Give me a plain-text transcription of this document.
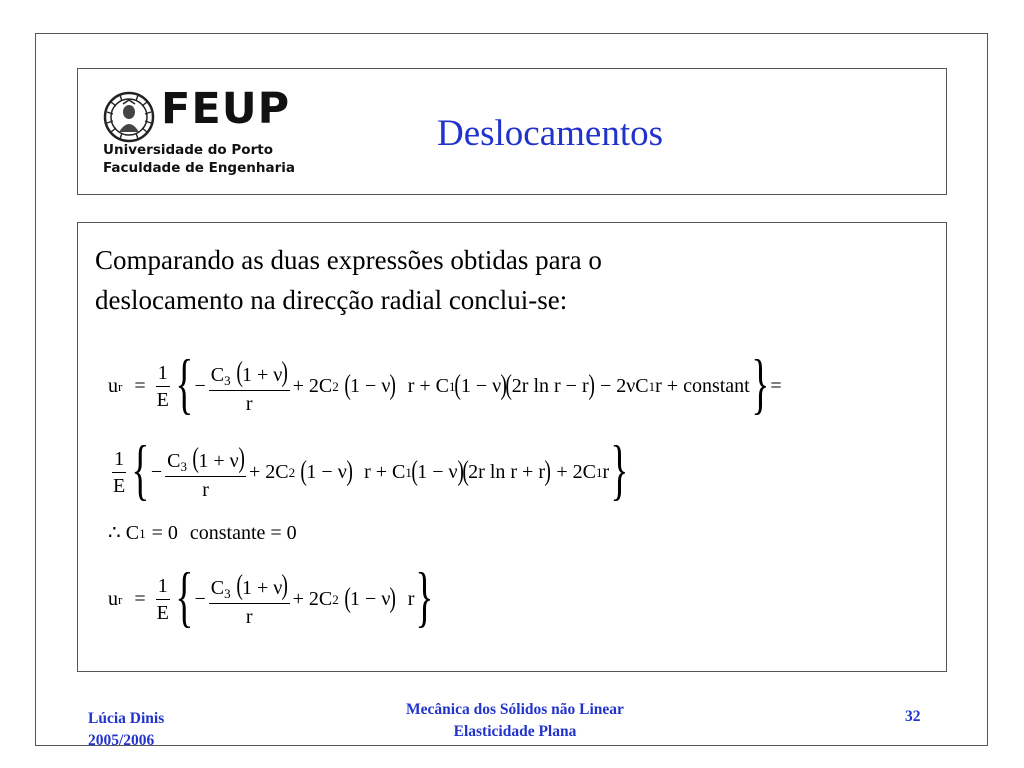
FEUP
Universidade do Porto
Faculdade de Engenharia
Deslocamentos
Comparando as duas expressões obtidas para o
deslocamento na direcção radial conclui-se:
u $r = \frac{1}{E}$ { − $\frac{C_3 (1 + \nu)}{r} + 2C$ 2 ( 1 − ν ) r + C 1 ( 1 − ν )
( 2r ln r − r ) − 2νC 1 r + constant } =
$\frac{1}{E}$ { − $\frac{C_3 (1 + \nu)}{r} + 2C$ 2 ( 1 − ν ) r + C 1 ( 1 − ν )
( 2r ln r + r ) + 2C 1 r }
∴ C 1 = 0 constante = 0
u $r = \frac{1}{E}$ { − $\frac{C_3 (1 + \nu)}{r} + 2C$ 2 ( 1 − ν ) r }
Lúcia Dinis
2005/2006
Mecânica dos Sólidos não Linear
Elasticidade Plana
32
